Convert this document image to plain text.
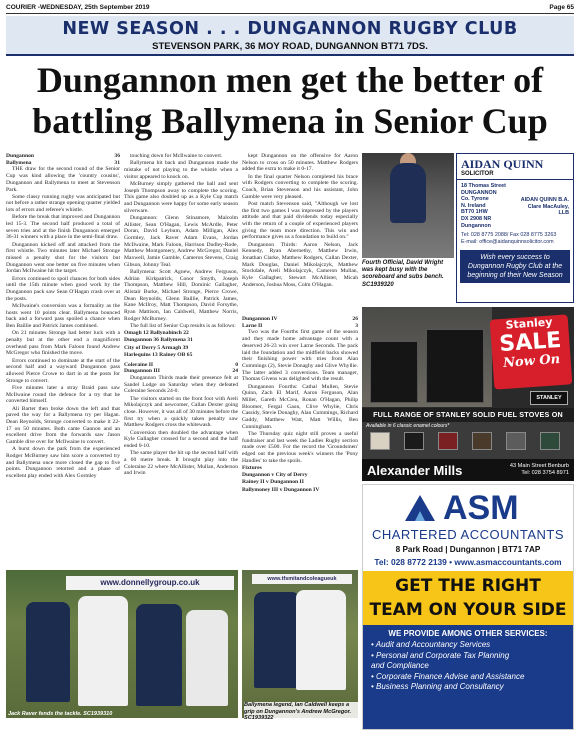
COURIER -WEDNESDAY, 25th September 2019	Page 65
NEW SEASON . . . DUNGANNON RUGBY CLUB
STEVENSON PARK, 36 MOY ROAD, DUNGANNON BT71 7DS.
Dungannon men get the better of battling Ballymena in Senior Cup
Dungannon	36
Ballymena	31

THE draw for the second round of the Senior Cup was kind allowing the 'country cousins', Dungannon and Ballymena to meet at Stevenson Park.

Some classy running rugby was anticipated but not before a rather strange opening quarter yielded lots of errors and referee's whistle.

Before the break that improved and Dungannon led 15-3. The second half produced a total of seven tries and at the finish Dungannon emerged 36-31 winners with a place in the semi-final draw.

Dungannon kicked off and attacked from the first whistle. Two minutes later Michael Stronge missed a penalty shot for the visitors but Dungannon went one better on five minutes when Jordan McIlwaine hit the target.

Errors continued to spoil chances for both sides until the 15th minute when good work by the Dungannon pack saw Sean O'Hagan crash over at the posts.

McIlwaine's conversion was a formality as the hosts went 10 points clear. Ballymena bounced back and a forward pass spoiled a chance when Ben Baillie and Patrick James combined.

On 21 minutes Stronge had better luck with a penalty but at the other end a magnificent overhead pass from Mark Faloon found Andrew McGregor who finished the move.

Errors continued to dominate at the start of the second half and a wayward Dungannon pass allowed Pierce Crowe to dart in at the posts for Stronge to convert.

Five minutes later a stray Braid pass saw McIlwaine round the defence for a try that he converted himself.

Ali Barter then broke down the left and that paved the way for a Ballymena try per Hagan. Dean Reynolds, Stronge converted to make it 22-17 on 50 minutes. Both came Gannon and an excellent drive from the forwards saw Jason Gamble dive over for McIlwaine to convert.

A burst down the park from the experienced Rodger McBurney saw him score a converted try and Ballymena once more closed the gap to five points. Dungannon retorted and a phase of excellent play ended with Alex Gormley

touching down for McIlwaine to convert.

Ballymena hit back and Dungannon made the mistake of not playing to the whistle when a visitor appeared to knock on.

McBurney simply gathered the ball and sent Joseph Thompson away to complete the scoring. This game also doubled up as a Kyle Cup match and Dungannon were happy for some early season silverware.

Dungannon: Glenn Stinamore, Malcolm Allister, Sean O'Hagan, Lewis McArdle, Peter Doran, David Leybum, Adam Milligan, Alex Gormley, Jack Raver Adam Evans, Jordan McIlwaine, Mark Faloon, Harrison Dudley-Rode, Matthew Montgomery, Andrew McGregor, Daniel Maxwell, Jamie Gamble, Cameron Stevens, Craig Gibson, Johnny Teal.

Ballymena: Scott Agnew, Andrew Ferguson, Adrian Kirkpatrick, Conor Smyth, Joseph Thompson, Matthew Hill, Dominic Gallagher, Alistair Burke, Michael Stronge, Pierce Crowe, Dean Reynolds, Glenn Baillie, Patrick James, Kane McIlroy, Matt Thompson, David Forsythe, Ryan Mattison, Ian Caldwell, Matthew Norris, Rodger McBurney.

The full list of Senior Cup results is as follows:

Omagh 12 Ballynahinch 22

Dungannon 36 Ballymena 31

City of Derry 5 Armagh 39

Harlequins 13 Rainey OB 65

Coleraine II	0
Dungannon III	24

Dungannon Thirds made their presence felt at Sandel Lodge on Saturday when they defeated Coleraine Seconds 24-0.

The visitors started on the front foot with Areli Mikolajczyk and newcomer, Callan Dexter going close. However, it was all of 30 minutes before the first try when a quickly taken penalty saw Matthew Rodgers cross the whitewash.

Conversion then doubled the advantage when Kyle Gallagher crossed for a second and the half ended 0-10.

The same player the hit up the second half with a 60 metre break. It brought play into the Coleraine 22 where McAllister, Mullan, Anderson and Irwin

kept Dungannon on the offensive for Aaron Nelson to cross on 50 minutes. Matthew Rodgers added the extra to make it 0-17.

In the final quarter Nelson completed his brace with Rodgers converting to complete the scoring. Coach, Brian Stevenson and his assistant, John Gamble were very pleased.

Post match Stevenson said, "Although we lost the first two games I was impressed by the players attitude and that paid dividends today especially with the return of a couple of experienced players giving the team more direction. This win and performance gives us a foundation to build on."

Dungannon Thirds: Aaron Nelson, Jack Kennedy, Ryan Abernethy, Matthew Irwin, Jonathan Clarke, Matthew Rodgers, Callan Dexter, Mark Douglas, Daniel Mikolajczyk, Matthew Stockdale, Areli Mikolajczyk, Cameron Mullan, Kyle Gallagher, Stewart McAllister, Micah Anderson, Joshua Moss, Colm O'Hagan.

Dungannon IV	26
Larne II	3

Two was the Fourths first game of the season and they made home advantage count with a deserved 26-23 win over Larne Seconds. The pack laid the foundation and the midfield backs showed their finishing power with tries from Alan Cummings (2), Stevie Donaghy and Glive Whyllie. The latter added 3 conversions. Team manager, Thomas Givens was delighted with the result.

Dungannon Fourths: Cathal Mullen, Stevie Quinn, Zach El Marif, Aaron Ferguson, Alan Miller, Gareth McCrea, Ronan O'Hagan, Philip Bloomer, Fergal Gaon, Clive Whylie, Chris Cassidy, Stevie Donaghy, Alan Cummings, Richard Gaddy, Matthew Watt, Matt Willis, Ben Cunningham.

The Thursday quiz night still proves a useful fundraiser and last week the Ladies Rugby section made over £500. For the record the 'Groundsmen' edged out the previous week's winners the 'Pony Handles' to take the spoils.

Fixtures

Dungannon v City of Derry

Rainey II v Dungannon II

Ballymoney III v Dungannon IV

Fourth Official, David Wright was kept busy with the scoreboard and subs bench. SC1939320
AIDAN QUINN
SOLICITOR
18 Thomas Street
DUNGANNON
Co. Tyrone
N. Ireland
BT70 1HW
DX 2908 NR Dungannon
AIDAN QUINN B.A.
Clare MacAuley, LLB
Tel: 028 8775 2088/ Fax 028 8775 3263
E-mail: office@aidanquinnsolicitor.com
Wish every success to Dungannon Rugby Club at the beginning of their New Season
Stanley
SALE
Now On
STANLEY
FULL RANGE OF STANLEY SOLID FUEL STOVES ON
Available in 6 classic enamel colours*
Alexander Mills	43 Main Street Benburb
Tel: 028 3754 8971
ASM
CHARTERED ACCOUNTANTS
8 Park Road | Dungannon | BT71 7AP
Tel: 028 8772 2139 • www.asmaccountants.com
GET THE RIGHT
TEAM ON YOUR SIDE
WE PROVIDE AMONG OTHER SERVICES:
• Audit and Accountancy Services
• Personal and Corporate Tax Planning
and Compliance
• Corporate Finance Advise and Assistance
• Business Planning and Consultancy
www.donnellygroup.co.uk
Jack Raver fends the tackle. SC1939310
www.tfsmitandcoleagueuk
Ballymena legend, Ian Caldwell keeps a grip on Dungannon's Andrew McGregor. SC1939322
